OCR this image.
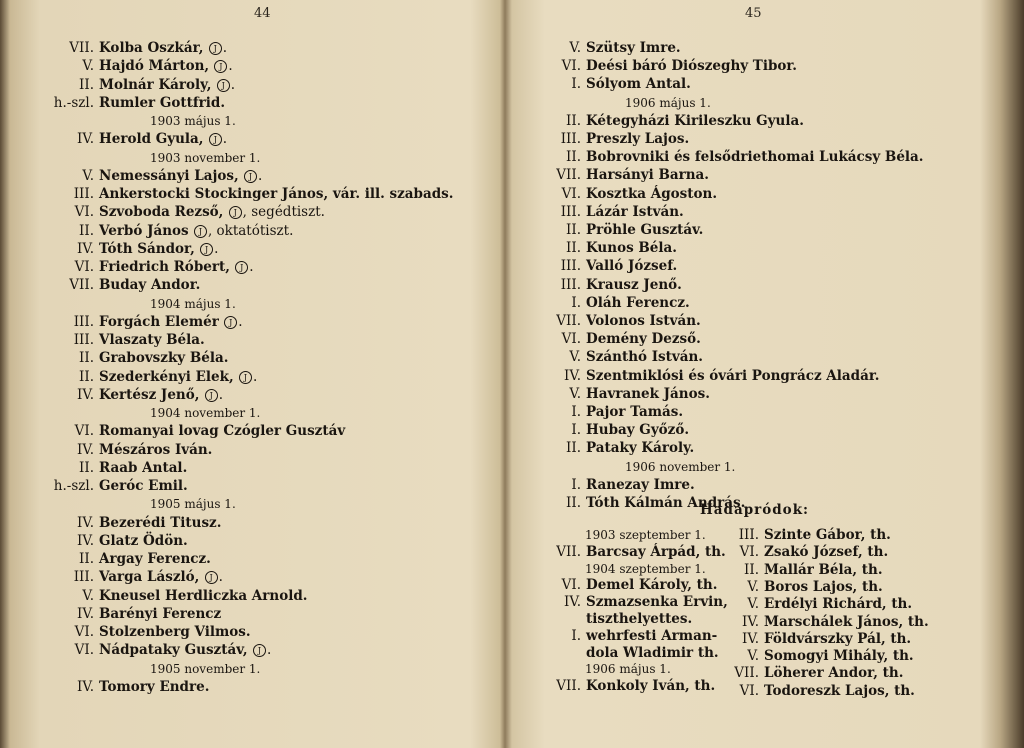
44
VII. Kolba Oszkár, J .
V. Hajdó Márton, J .
II. Molnár Károly, J .
h.-szl. Rumler Gottfrid.
1903 május 1.
IV. Herold Gyula, J .
1903 november 1.
V. Nemessányi Lajos, J .
III. Ankerstocki Stockinger János, vár. ill. szabads.
VI. Szvoboda Rezső, J , segédtiszt.
II. Verbó János J , oktatótiszt.
IV. Tóth Sándor, J .
VI. Friedrich Róbert, J .
VII. Buday Andor.
1904 május 1.
III. Forgách Elemér J .
III. Vlaszaty Béla.
II. Grabovszky Béla.
II. Szederkényi Elek, J .
IV. Kertész Jenő, J .
1904 november 1.
VI. Romanyai lovag Czógler Gusztáv
IV. Mészáros Iván.
II. Raab Antal.
h.-szl. Geróc Emil.
1905 május 1.
IV. Bezerédi Titusz.
IV. Glatz Ödön.
II. Argay Ferencz.
III. Varga László, J .
V. Kneusel Herdliczka Arnold.
IV. Barényi Ferencz
VI. Stolzenberg Vilmos.
VI. Nádpataky Gusztáv, J .
1905 november 1.
IV. Tomory Endre.
45
V. Szütsy Imre.
VI. Deési báró Diószeghy Tibor.
I. Sólyom Antal.
1906 május 1.
II. Kétegyházi Kirileszku Gyula.
III. Preszly Lajos.
II. Bobrovniki és felsődriethomai Lukácsy Béla.
VII. Harsányi Barna.
VI. Kosztka Ágoston.
III. Lázár István.
II. Pröhle Gusztáv.
II. Kunos Béla.
III. Valló József.
III. Krausz Jenő.
I. Oláh Ferencz.
VII. Volonos István.
VI. Demény Dezső.
V. Szánthó István.
IV. Szentmiklósi és óvári Pongrácz Aladár.
V. Havranek János.
I. Pajor Tamás.
I. Hubay Győző.
II. Pataky Károly.
1906 november 1.
I. Ranezay Imre.
II. Tóth Kálmán András.
Hadapródok:
1903 szeptember 1.
VII. Barcsay Árpád, th.
1904 szeptember 1.
VI. Demel Károly, th.
IV. Szmazsenka Ervin,
tiszthelyettes.
I. wehrfesti Arman-
dola Wladimir th.
1906 május 1.
VII. Konkoly Iván, th.
III. Szinte Gábor, th.
VI. Zsakó József, th.
II. Mallár Béla, th.
V. Boros Lajos, th.
V. Erdélyi Richárd, th.
IV. Marschálek János, th.
IV. Földvárszky Pál, th.
V. Somogyi Mihály, th.
VII. Löherer Andor, th.
VI. Todoreszk Lajos, th.
